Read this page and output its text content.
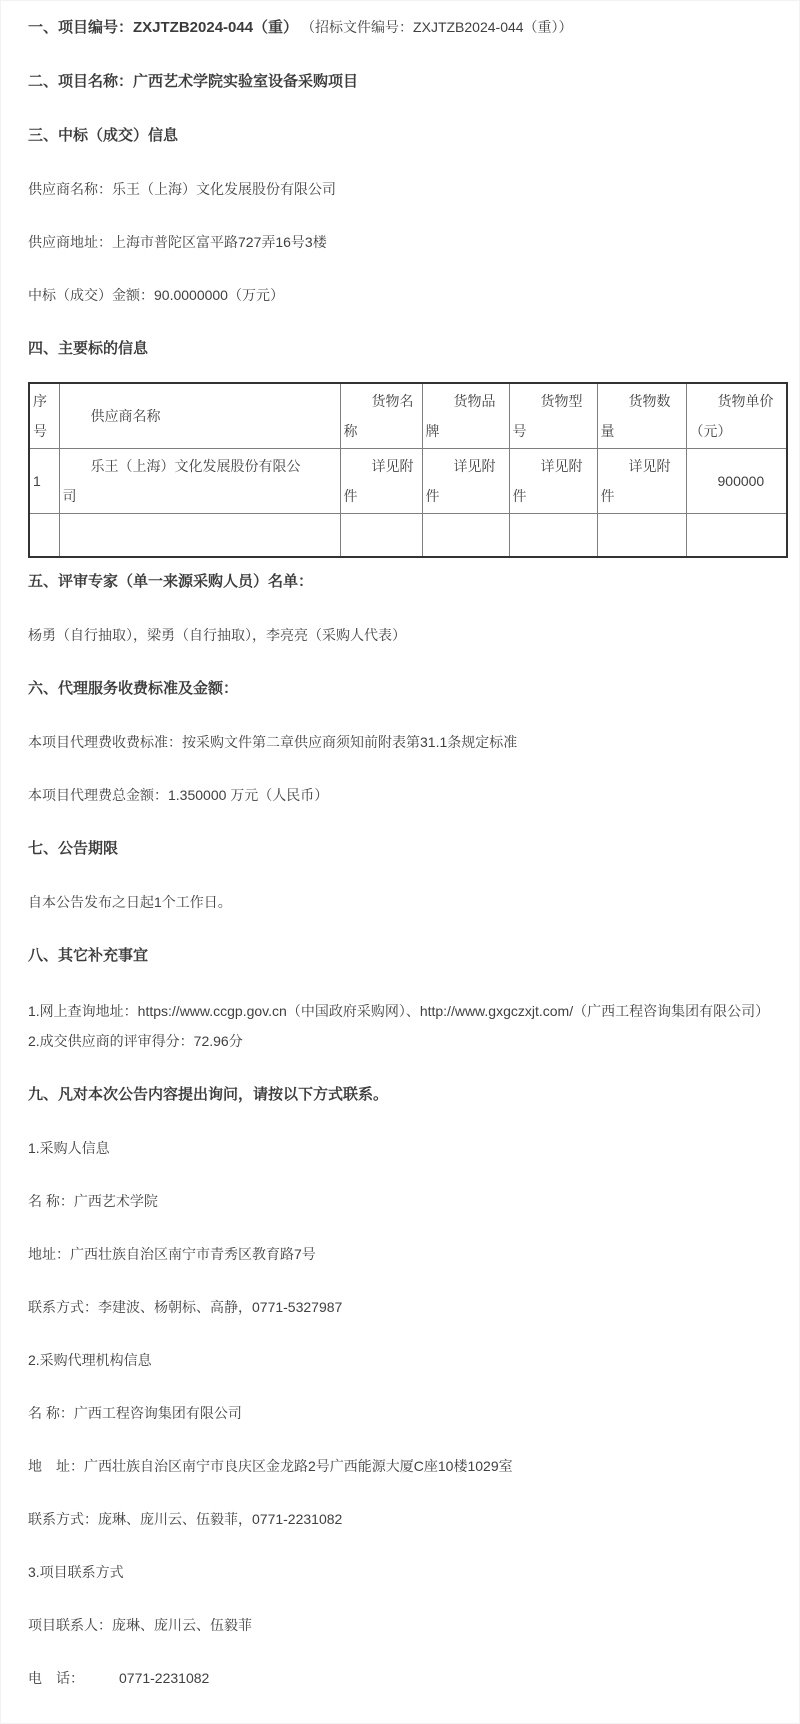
一、项目编号：ZXJTZB2024-044（重） （招标文件编号：ZXJTZB2024-044（重））
二、项目名称：广西艺术学院实验室设备采购项目
三、中标（成交）信息

供应商名称：乐王（上海）文化发展股份有限公司

供应商地址：上海市普陀区富平路727弄16号3楼

中标（成交）金额：90.0000000（万元）

四、主要标的信息
序号	供应商名称	货物名称	货物品牌	货物型号	货物数量	货物单价（元）
1	乐王（上海）文化发展股份有限公司	详见附件	详见附件	详见附件	详见附件	900000

五、评审专家（单一来源采购人员）名单：

杨勇（自行抽取），梁勇（自行抽取），李亮亮（采购人代表）

六、代理服务收费标准及金额：

本项目代理费收费标准：按采购文件第二章供应商须知前附表第31.1条规定标准

本项目代理费总金额：1.350000 万元（人民币）

七、公告期限

自本公告发布之日起1个工作日。

八、其它补充事宜
1.网上查询地址：https://www.ccgp.gov.cn（中国政府采购网）、http://www.gxgczxjt.com/（广西工程咨询集团有限公司）
2.成交供应商的评审得分：72.96分
九、凡对本次公告内容提出询问，请按以下方式联系。

1.采购人信息

名 称：广西艺术学院

地址：广西壮族自治区南宁市青秀区教育路7号

联系方式：李建波、杨朝标、高静，0771-5327987

2.采购代理机构信息

名 称：广西工程咨询集团有限公司

地　址：广西壮族自治区南宁市良庆区金龙路2号广西能源大厦C座10楼1029室

联系方式：庞琳、庞川云、伍毅菲，0771-2231082

3.项目联系方式

项目联系人：庞琳、庞川云、伍毅菲

电　话：　　　0771-2231082
